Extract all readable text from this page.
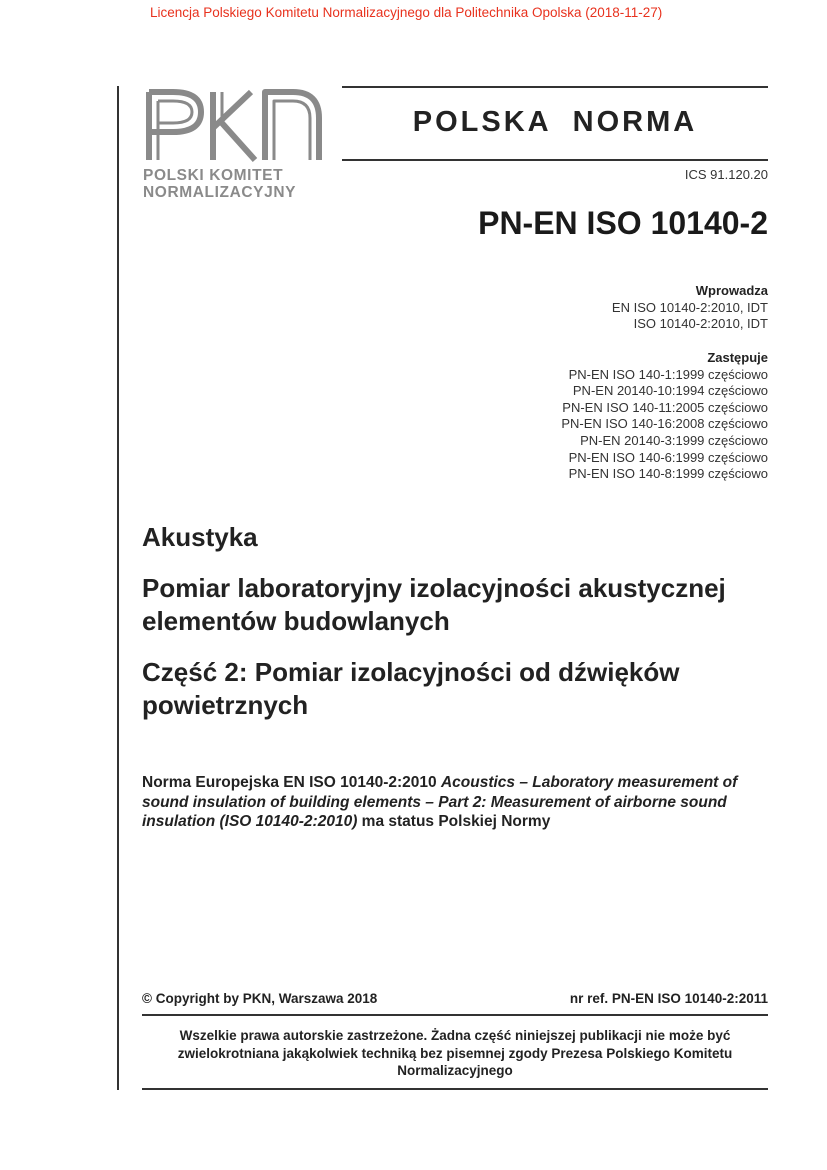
Licencja Polskiego Komitetu Normalizacyjnego dla Politechnika Opolska (2018-11-27)
POLSKI KOMITET
NORMALIZACYJNY
POLSKA  NORMA
ICS 91.120.20
PN-EN ISO 10140-2
Wprowadza
EN ISO 10140-2:2010, IDT
ISO 10140-2:2010, IDT
Zastępuje
PN-EN ISO 140-1:1999 częściowo
PN-EN 20140-10:1994 częściowo
PN-EN ISO 140-11:2005 częściowo
PN-EN ISO 140-16:2008 częściowo
PN-EN 20140-3:1999 częściowo
PN-EN ISO 140-6:1999 częściowo
PN-EN ISO 140-8:1999 częściowo
Akustyka
Pomiar laboratoryjny izolacyjności akustycznej elementów budowlanych
Część 2: Pomiar izolacyjności od dźwięków powietrznych
Norma Europejska EN ISO 10140-2:2010 Acoustics – Laboratory measurement of sound insulation of building elements – Part 2: Measurement of airborne sound insulation (ISO 10140-2:2010) ma status Polskiej Normy
© Copyright by PKN, Warszawa 2018	nr ref. PN-EN ISO 10140-2:2011
Wszelkie prawa autorskie zastrzeżone. Żadna część niniejszej publikacji nie może być zwielokrotniana jakąkolwiek techniką bez pisemnej zgody Prezesa Polskiego Komitetu Normalizacyjnego
